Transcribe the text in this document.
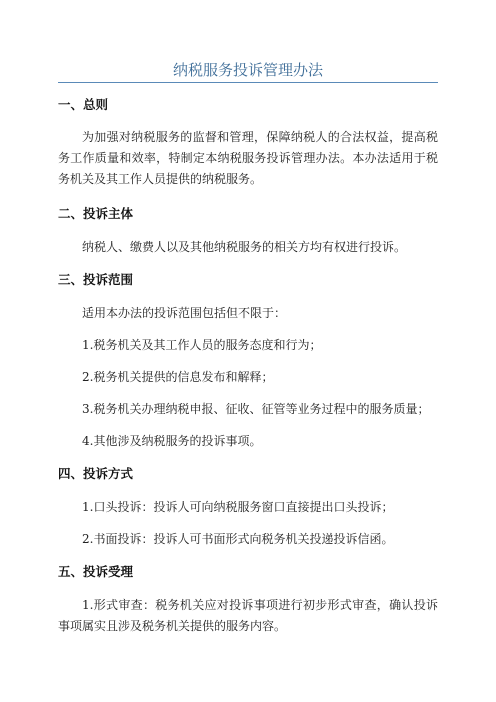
纳税服务投诉管理办法
一、总则

为加强对纳税服务的监督和管理，保障纳税人的合法权益，提高税务工作质量和效率，特制定本纳税服务投诉管理办法。本办法适用于税务机关及其工作人员提供的纳税服务。

二、投诉主体

纳税人、缴费人以及其他纳税服务的相关方均有权进行投诉。

三、投诉范围

适用本办法的投诉范围包括但不限于：

1.税务机关及其工作人员的服务态度和行为；

2.税务机关提供的信息发布和解释；

3.税务机关办理纳税申报、征收、征管等业务过程中的服务质量；

4.其他涉及纳税服务的投诉事项。

四、投诉方式

1.口头投诉：投诉人可向纳税服务窗口直接提出口头投诉；

2.书面投诉：投诉人可书面形式向税务机关投递投诉信函。

五、投诉受理

1.形式审查：税务机关应对投诉事项进行初步形式审查，确认投诉事项属实且涉及税务机关提供的服务内容。
